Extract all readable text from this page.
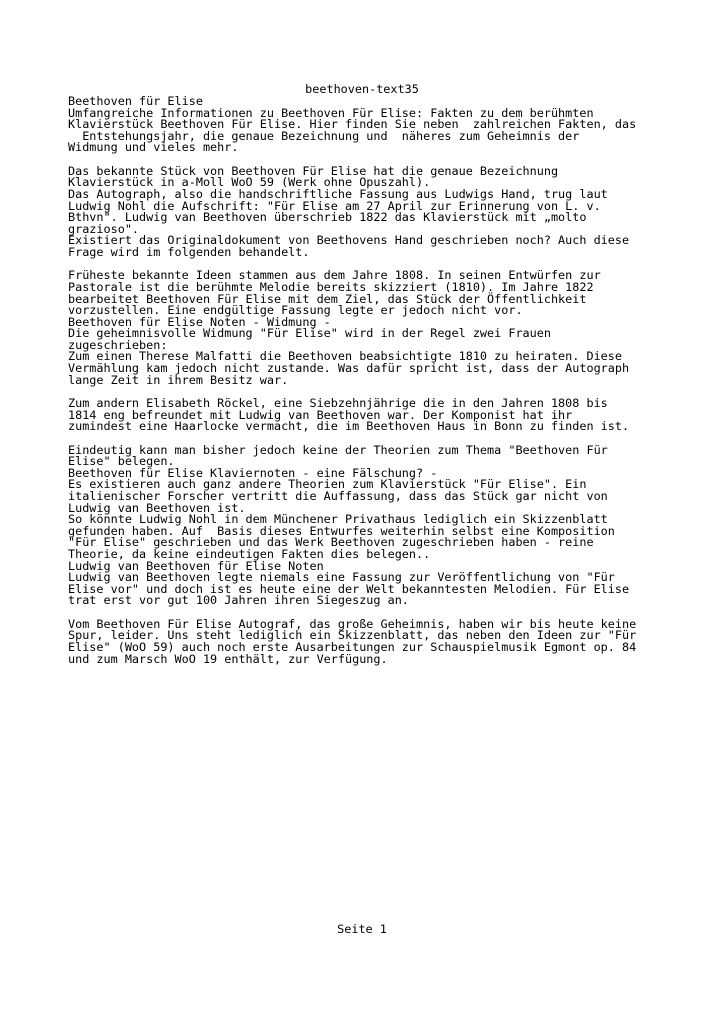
beethoven-text35
Beethoven für Elise
Umfangreiche Informationen zu Beethoven Für Elise: Fakten zu dem berühmten
Klavierstück Beethoven Für Elise. Hier finden Sie neben  zahlreichen Fakten, das
Entstehungsjahr, die genaue Bezeichnung und  näheres zum Geheimnis der
Widmung und vieles mehr.
Das bekannte Stück von Beethoven Für Elise hat die genaue Bezeichnung
Klavierstück in a-Moll WoO 59 (Werk ohne Opuszahl).
Das Autograph, also die handschriftliche Fassung aus Ludwigs Hand, trug laut
Ludwig Nohl die Aufschrift: "Für Elise am 27 April zur Erinnerung von L. v.
Bthvn". Ludwig van Beethoven überschrieb 1822 das Klavierstück mit „molto
grazioso".
Existiert das Originaldokument von Beethovens Hand geschrieben noch? Auch diese
Frage wird im folgenden behandelt.
Früheste bekannte Ideen stammen aus dem Jahre 1808. In seinen Entwürfen zur
Pastorale ist die berühmte Melodie bereits skizziert (1810). Im Jahre 1822
bearbeitet Beethoven Für Elise mit dem Ziel, das Stück der Öffentlichkeit
vorzustellen. Eine endgültige Fassung legte er jedoch nicht vor.
Beethoven für Elise Noten - Widmung -
Die geheimnisvolle Widmung "Für Elise" wird in der Regel zwei Frauen
zugeschrieben:
Zum einen Therese Malfatti die Beethoven beabsichtigte 1810 zu heiraten. Diese
Vermählung kam jedoch nicht zustande. Was dafür spricht ist, dass der Autograph
lange Zeit in ihrem Besitz war.
Zum andern Elisabeth Röckel, eine Siebzehnjährige die in den Jahren 1808 bis
1814 eng befreundet mit Ludwig van Beethoven war. Der Komponist hat ihr
zumindest eine Haarlocke vermacht, die im Beethoven Haus in Bonn zu finden ist.
Eindeutig kann man bisher jedoch keine der Theorien zum Thema "Beethoven Für
Elise" belegen.
Beethoven für Elise Klaviernoten - eine Fälschung? -
Es existieren auch ganz andere Theorien zum Klavierstück "Für Elise". Ein
italienischer Forscher vertritt die Auffassung, dass das Stück gar nicht von
Ludwig van Beethoven ist.
So könnte Ludwig Nohl in dem Münchener Privathaus lediglich ein Skizzenblatt
gefunden haben. Auf  Basis dieses Entwurfes weiterhin selbst eine Komposition
"Für Elise" geschrieben und das Werk Beethoven zugeschrieben haben - reine
Theorie, da keine eindeutigen Fakten dies belegen..
Ludwig van Beethoven für Elise Noten
Ludwig van Beethoven legte niemals eine Fassung zur Veröffentlichung von "Für
Elise vor" und doch ist es heute eine der Welt bekanntesten Melodien. Für Elise
trat erst vor gut 100 Jahren ihren Siegeszug an.
Vom Beethoven Für Elise Autograf, das große Geheimnis, haben wir bis heute keine
Spur, leider. Uns steht lediglich ein Skizzenblatt, das neben den Ideen zur "Für
Elise" (WoO 59) auch noch erste Ausarbeitungen zur Schauspielmusik Egmont op. 84
und zum Marsch WoO 19 enthält, zur Verfügung.
Seite 1
